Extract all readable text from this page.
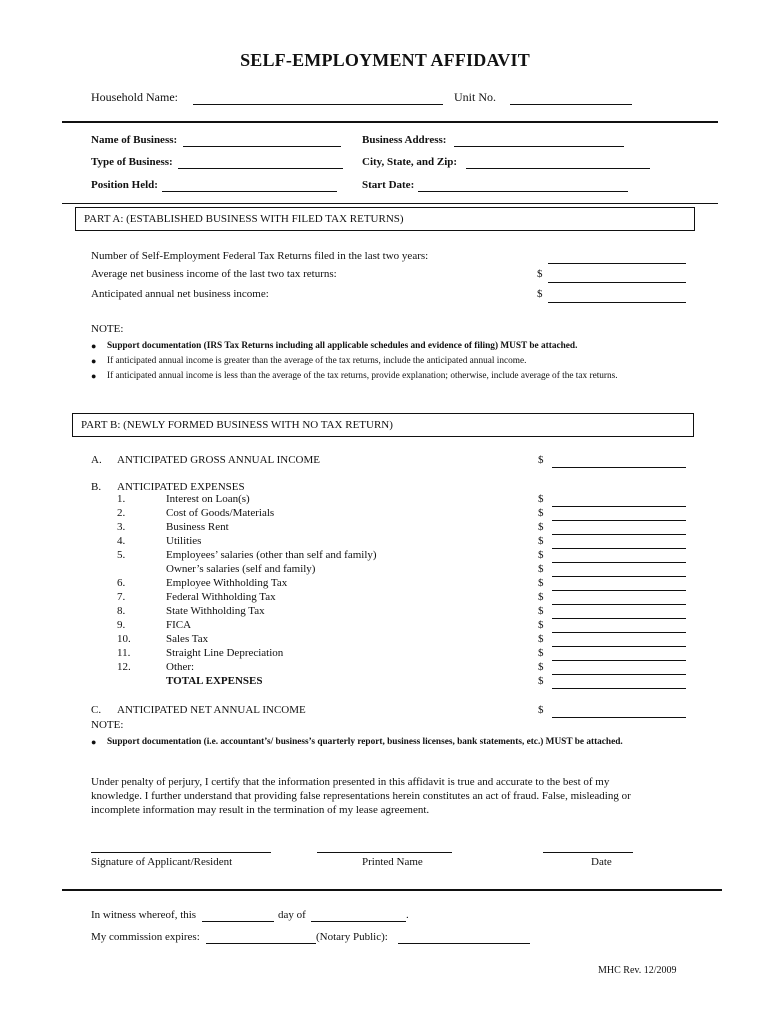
SELF-EMPLOYMENT AFFIDAVIT
Household Name:	Unit No.
Name of Business:	Business Address:
Type of Business:	City, State, and Zip:
Position Held:	Start Date:
PART A: (ESTABLISHED BUSINESS WITH FILED TAX RETURNS)
Number of Self-Employment Federal Tax Returns filed in the last two years:
Average net business income of the last two tax returns:	$
Anticipated annual net business income:	$
NOTE:
● Support documentation (IRS Tax Returns including all applicable schedules and evidence of filing) MUST be attached.
● If anticipated annual income is greater than the average of the tax returns, include the anticipated annual income.
● If anticipated annual income is less than the average of the tax returns, provide explanation; otherwise, include average of the tax returns.
PART B: (NEWLY FORMED BUSINESS WITH NO TAX RETURN)
A. ANTICIPATED GROSS ANNUAL INCOME	$
B. ANTICIPATED EXPENSES
1.	Interest on Loan(s)	$
2.	Cost of Goods/Materials	$
3.	Business Rent	$
4.	Utilities	$
5.	Employees’ salaries (other than self and family)	$
Owner’s salaries (self and family)	$
6.	Employee Withholding Tax	$
7.	Federal Withholding Tax	$
8.	State Withholding Tax	$
9.	FICA	$
10.	Sales Tax	$
11.	Straight Line Depreciation	$
12.	Other:	$
TOTAL EXPENSES	$
C. ANTICIPATED NET ANNUAL INCOME	$
NOTE:
● Support documentation (i.e. accountant’s/ business’s quarterly report, business licenses, bank statements, etc.) MUST be attached.
Under penalty of perjury, I certify that the information presented in this affidavit is true and accurate to the best of my
knowledge. I further understand that providing false representations herein constitutes an act of fraud. False, misleading or
incomplete information may result in the termination of my lease agreement.
Signature of Applicant/Resident	Printed Name	Date
In witness whereof, this	day of	.
My commission expires:	(Notary Public):
MHC Rev. 12/2009
